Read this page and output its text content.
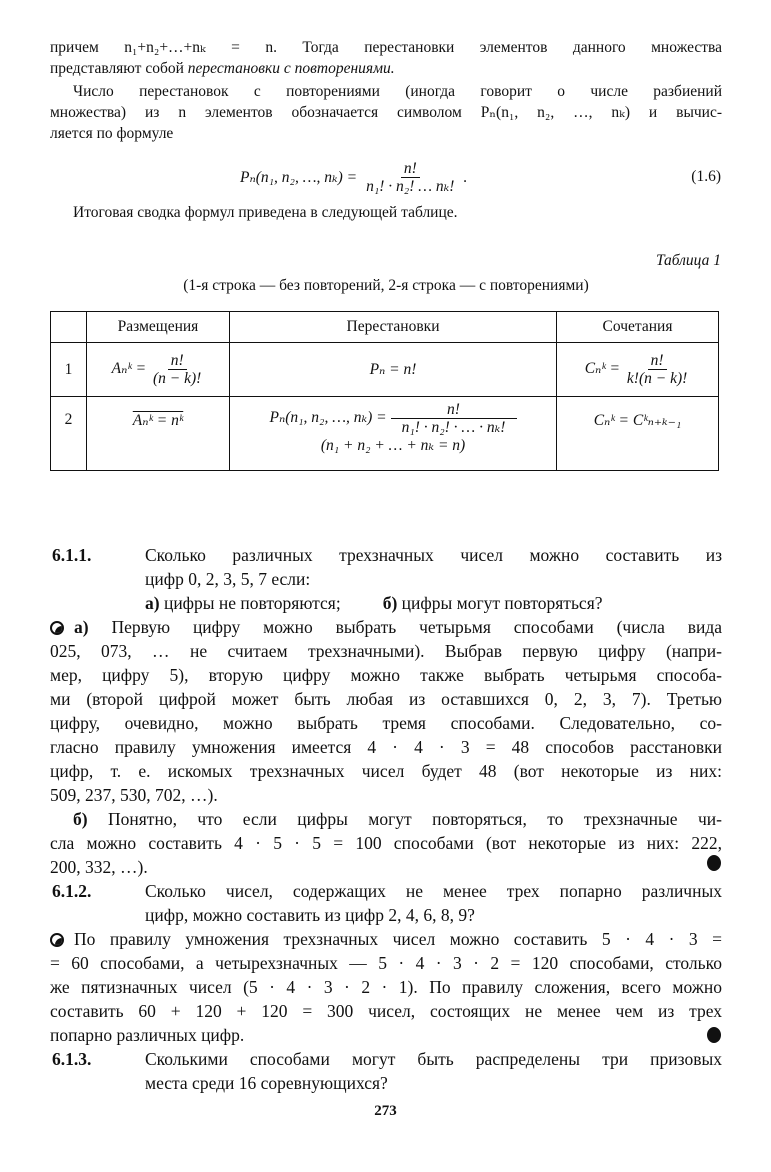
причем n₁+n₂+…+nₖ = n. Тогда перестановки элементов данного множества
представляют собой перестановки с повторениями.
Число перестановок с повторениями (иногда говорит о числе разбиений
множества) из n элементов обозначается символом Pₙ(n₁, n₂, …, nₖ) и вычис-
ляется по формуле
Pₙ(n₁, n₂, …, $n_k) = \frac{n!}{\text{n₁! · n₂! … nₖ!}}$ .	(1.6)
Итоговая сводка формул приведена в следующей таблице.
Таблица 1
(1-я строка — без повторений, 2-я строка — с повторениями)
	Размещения	Перестановки	Сочетания
1	Aₙᵏ = $\frac{n!}{(n - k)!}$	Pₙ = n!	Cₙᵏ = $\frac{n!}{k!(n - k)!}$

2	Aₙᵏ = nᵏ	Pₙ(n₁, n₂, …, $n_k) = \frac{n!}{\text{n₁! · n₂! · … · nₖ!}}$
(n₁ + n₂ + … + nₖ = n)	Cₙᵏ = Cᵏₙ₊ₖ₋₁
6.1.1.	Сколько различных трехзначных чисел можно составить из
цифр 0, 2, 3, 5, 7 если:
а) цифры не повторяются; б) цифры могут повторяться?
а) Первую цифру можно выбрать четырьмя способами (числа вида
025, 073, … не считаем трехзначными). Выбрав первую цифру (напри-
мер, цифру 5), вторую цифру можно также выбрать четырьмя способа-
ми (второй цифрой может быть любая из оставшихся 0, 2, 3, 7). Третью
цифру, очевидно, можно выбрать тремя способами. Следовательно, со-
гласно правилу умножения имеется 4 · 4 · 3 = 48 способов расстановки
цифр, т. е. искомых трехзначных чисел будет 48 (вот некоторые из них:
509, 237, 530, 702, …).
б) Понятно, что если цифры могут повторяться, то трехзначные чи-
сла можно составить 4 · 5 · 5 = 100 способами (вот некоторые из них: 222,
200, 332, …).
6.1.2.	Сколько чисел, содержащих не менее трех попарно различных
цифр, можно составить из цифр 2, 4, 6, 8, 9?
По правилу умножения трехзначных чисел можно составить 5 · 4 · 3 =
= 60 способами, а четырехзначных — 5 · 4 · 3 · 2 = 120 способами, столько
же пятизначных чисел (5 · 4 · 3 · 2 · 1). По правилу сложения, всего можно
составить 60 + 120 + 120 = 300 чисел, состоящих не менее чем из трех
попарно различных цифр.
6.1.3.	Сколькими способами могут быть распределены три призовых
места среди 16 соревнующихся?
273
